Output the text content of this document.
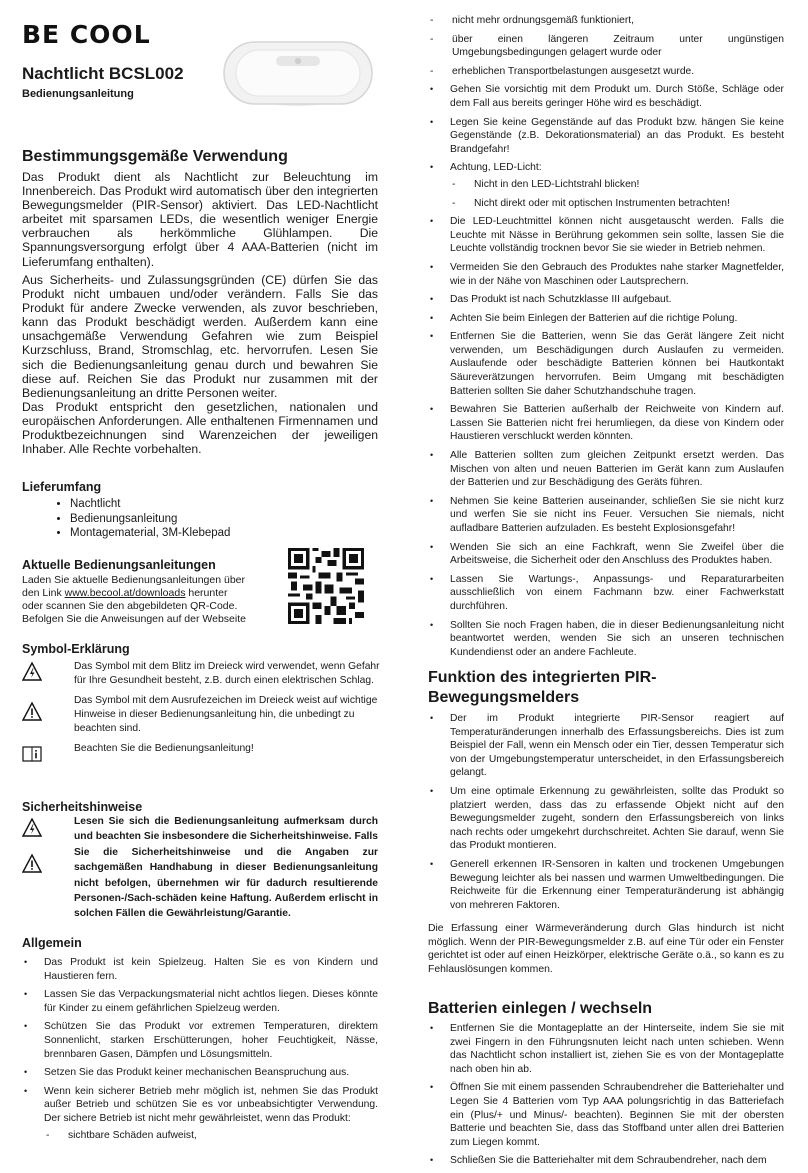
BE COOL
Nachtlicht BCSL002
Bedienungsanleitung
Bestimmungsgemäße Verwendung

Das Produkt dient als Nachtlicht zur Beleuchtung im Innenbereich. Das Produkt wird automatisch über den integrierten Bewegungsmelder (PIR-Sensor) aktiviert. Das LED-Nachtlicht arbeitet mit sparsamen LEDs, die wesentlich weniger Energie verbrauchen als herkömmliche Glühlampen. Die Spannungsversorgung erfolgt über 4 AAA-Batterien (nicht im Lieferumfang enthalten).

Aus Sicherheits- und Zulassungsgründen (CE) dürfen Sie das Produkt nicht umbauen und/oder verändern. Falls Sie das Produkt für andere Zwecke verwenden, als zuvor beschrieben, kann das Produkt beschädigt werden. Außerdem kann eine unsachgemäße Verwendung Gefahren wie zum Beispiel Kurzschluss, Brand, Stromschlag, etc. hervorrufen. Lesen Sie sich die Bedienungsanleitung genau durch und bewahren Sie diese auf. Reichen Sie das Produkt nur zusammen mit der Bedienungsanleitung an dritte Personen weiter.

Das Produkt entspricht den gesetzlichen, nationalen und europäischen Anforderungen. Alle enthaltenen Firmennamen und Produktbezeichnungen sind Warenzeichen der jeweiligen Inhaber. Alle Rechte vorbehalten.

Lieferumfang
• Nachtlicht
• Bedienungsanleitung
• Montagematerial, 3M-Klebepad
Aktuelle Bedienungsanleitungen
Laden Sie aktuelle Bedienungsanleitungen über den Link www.becool.at/downloads herunter oder scannen Sie den abgebildeten QR-Code. Befolgen Sie die Anweisungen auf der Webseite
Symbol-Erklärung
Das Symbol mit dem Blitz im Dreieck wird verwendet, wenn Gefahr für Ihre Gesundheit besteht, z.B. durch einen elektrischen Schlag.
Das Symbol mit dem Ausrufezeichen im Dreieck weist auf wichtige Hinweise in dieser Bedienungsanleitung hin, die unbedingt zu beachten sind.
Beachten Sie die Bedienungsanleitung!
Sicherheitshinweise
Lesen Sie sich die Bedienungsanleitung aufmerksam durch und beachten Sie insbesondere die Sicherheitshinweise. Falls Sie die Sicherheitshinweise und die Angaben zur sachgemäßen Handhabung in dieser Bedienungsanleitung nicht befolgen, übernehmen wir für dadurch resultierende Personen-/Sach-schäden keine Haftung. Außerdem erlischt in solchen Fällen die Gewährleistung/Garantie.
Allgemein
• Das Produkt ist kein Spielzeug. Halten Sie es von Kindern und Haustieren fern.
• Lassen Sie das Verpackungsmaterial nicht achtlos liegen. Dieses könnte für Kinder zu einem gefährlichen Spielzeug werden.
• Schützen Sie das Produkt vor extremen Temperaturen, direktem Sonnenlicht, starken Erschütterungen, hoher Feuchtigkeit, Nässe, brennbaren Gasen, Dämpfen und Lösungsmitteln.
• Setzen Sie das Produkt keiner mechanischen Beanspruchung aus.
• Wenn kein sicherer Betrieb mehr möglich ist, nehmen Sie das Produkt außer Betrieb und schützen Sie es vor unbeabsichtigter Verwendung. Der sichere Betrieb ist nicht mehr gewährleistet, wenn das Produkt:
- sichtbare Schäden aufweist,
- nicht mehr ordnungsgemäß funktioniert,
- über einen längeren Zeitraum unter ungünstigen Umgebungsbedingungen gelagert wurde oder
- erheblichen Transportbelastungen ausgesetzt wurde.
• Gehen Sie vorsichtig mit dem Produkt um. Durch Stöße, Schläge oder dem Fall aus bereits geringer Höhe wird es beschädigt.
• Legen Sie keine Gegenstände auf das Produkt bzw. hängen Sie keine Gegenstände (z.B. Dekorationsmaterial) an das Produkt. Es besteht Brandgefahr!
• Achtung, LED-Licht:
- Nicht in den LED-Lichtstrahl blicken!
- Nicht direkt oder mit optischen Instrumenten betrachten!
• Die LED-Leuchtmittel können nicht ausgetauscht werden. Falls die Leuchte mit Nässe in Berührung gekommen sein sollte, lassen Sie die Leuchte vollständig trocknen bevor Sie sie wieder in Betrieb nehmen.
• Vermeiden Sie den Gebrauch des Produktes nahe starker Magnetfelder, wie in der Nähe von Maschinen oder Lautsprechern.
• Das Produkt ist nach Schutzklasse III aufgebaut.
• Achten Sie beim Einlegen der Batterien auf die richtige Polung.
• Entfernen Sie die Batterien, wenn Sie das Gerät längere Zeit nicht verwenden, um Beschädigungen durch Auslaufen zu vermeiden. Auslaufende oder beschädigte Batterien können bei Hautkontakt Säureverätzungen hervorrufen. Beim Umgang mit beschädigten Batterien sollten Sie daher Schutzhandschuhe tragen.
• Bewahren Sie Batterien außerhalb der Reichweite von Kindern auf. Lassen Sie Batterien nicht frei herumliegen, da diese von Kindern oder Haustieren verschluckt werden könnten.
• Alle Batterien sollten zum gleichen Zeitpunkt ersetzt werden. Das Mischen von alten und neuen Batterien im Gerät kann zum Auslaufen der Batterien und zur Beschädigung des Geräts führen.
• Nehmen Sie keine Batterien auseinander, schließen Sie sie nicht kurz und werfen Sie sie nicht ins Feuer. Versuchen Sie niemals, nicht aufladbare Batterien aufzuladen. Es besteht Explosionsgefahr!
• Wenden Sie sich an eine Fachkraft, wenn Sie Zweifel über die Arbeitsweise, die Sicherheit oder den Anschluss des Produktes haben.
• Lassen Sie Wartungs-, Anpassungs- und Reparaturarbeiten ausschließlich von einem Fachmann bzw. einer Fachwerkstatt durchführen.
• Sollten Sie noch Fragen haben, die in dieser Bedienungsanleitung nicht beantwortet werden, wenden Sie sich an unseren technischen Kundendienst oder an andere Fachleute.
Funktion des integrierten PIR-Bewegungsmelders
• Der im Produkt integrierte PIR-Sensor reagiert auf Temperaturänderungen innerhalb des Erfassungsbereichs. Dies ist zum Beispiel der Fall, wenn ein Mensch oder ein Tier, dessen Temperatur sich von der Umgebungstemperatur unterscheidet, in den Erfassungsbereich gelangt.
• Um eine optimale Erkennung zu gewährleisten, sollte das Produkt so platziert werden, dass das zu erfassende Objekt nicht auf den Bewegungsmelder zugeht, sondern den Erfassungsbereich von links nach rechts oder umgekehrt durchschreitet. Achten Sie darauf, wenn Sie das Produkt montieren.
• Generell erkennen IR-Sensoren in kalten und trockenen Umgebungen Bewegung leichter als bei nassen und warmen Umweltbedingungen. Die Reichweite für die Erkennung einer Temperaturänderung ist abhängig von mehreren Faktoren.
Die Erfassung einer Wärmeveränderung durch Glas hindurch ist nicht möglich. Wenn der PIR-Bewegungsmelder z.B. auf eine Tür oder ein Fenster gerichtet ist oder auf einen Heizkörper, elektrische Geräte o.ä., so kann es zu Fehlauslösungen kommen.
Batterien einlegen / wechseln
• Entfernen Sie die Montageplatte an der Hinterseite, indem Sie sie mit zwei Fingern in den Führungsnuten leicht nach unten schieben. Wenn das Nachtlicht schon installiert ist, ziehen Sie es von der Montageplatte nach oben hin ab.
• Öffnen Sie mit einem passenden Schraubendreher die Batteriehalter und Legen Sie 4 Batterien vom Typ AAA polungsrichtig in das Batteriefach ein (Plus/+ und Minus/- beachten). Beginnen Sie mit der obersten Batterie und beachten Sie, dass das Stoffband unter allen drei Batterien zum Liegen kommt.
• Schließen Sie die Batteriehalter mit dem Schraubendreher, nach dem
